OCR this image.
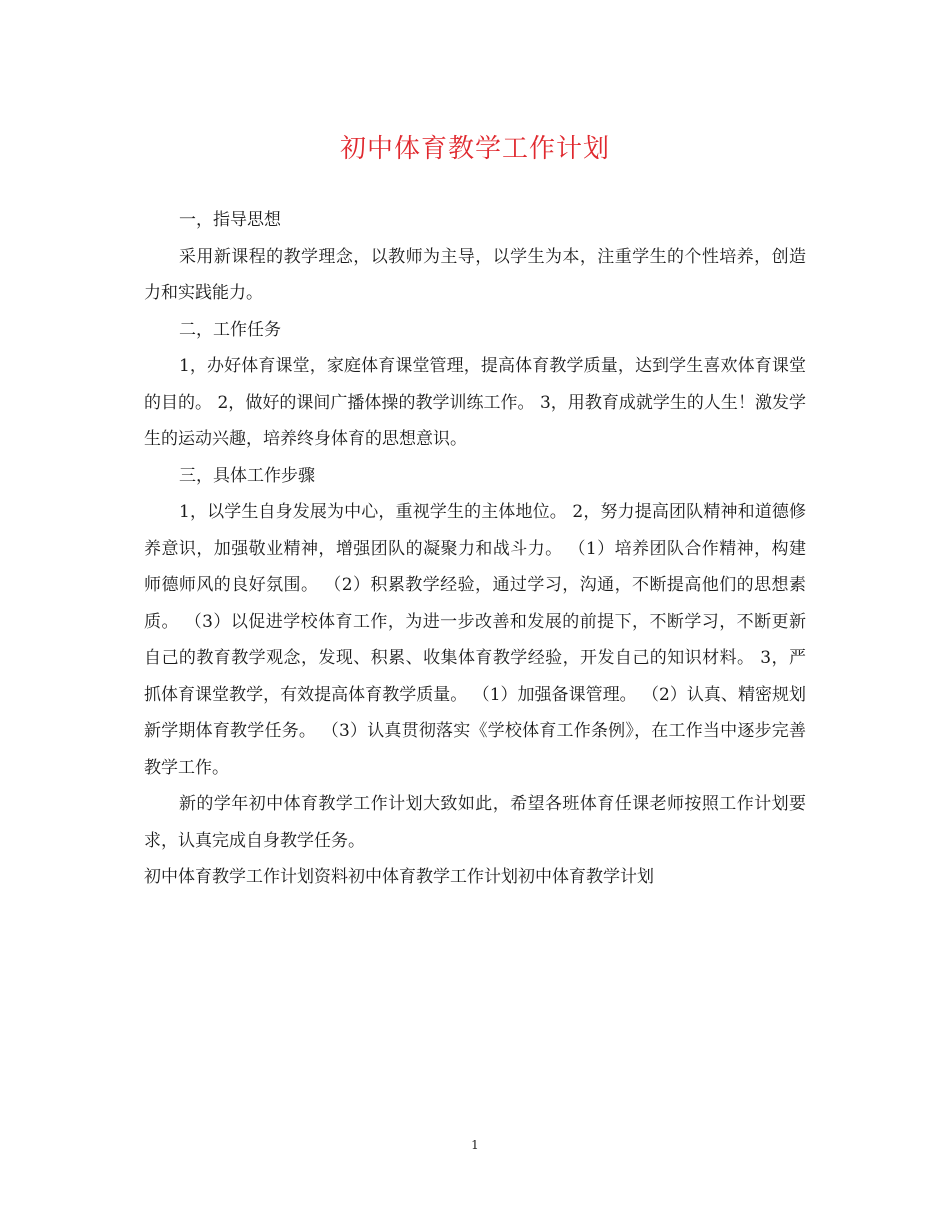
初中体育教学工作计划

一，指导思想

采用新课程的教学理念，以教师为主导，以学生为本，注重学生的个性培养，创造力和实践能力。

二，工作任务

1，办好体育课堂，家庭体育课堂管理，提高体育教学质量，达到学生喜欢体育课堂的目的。 2，做好的课间广播体操的教学训练工作。 3，用教育成就学生的人生！激发学生的运动兴趣，培养终身体育的思想意识。

三，具体工作步骤

1，以学生自身发展为中心，重视学生的主体地位。 2，努力提高团队精神和道德修养意识，加强敬业精神，增强团队的凝聚力和战斗力。 （1）培养团队合作精神，构建师德师风的良好氛围。 （2）积累教学经验，通过学习，沟通，不断提高他们的思想素质。 （3）以促进学校体育工作，为进一步改善和发展的前提下，不断学习，不断更新自己的教育教学观念，发现、积累、收集体育教学经验，开发自己的知识材料。 3，严抓体育课堂教学，有效提高体育教学质量。 （1）加强备课管理。 （2）认真、精密规划新学期体育教学任务。 （3）认真贯彻落实《学校体育工作条例》，在工作当中逐步完善教学工作。

新的学年初中体育教学工作计划大致如此，希望各班体育任课老师按照工作计划要求，认真完成自身教学任务。

初中体育教学工作计划资料初中体育教学工作计划初中体育教学计划

1
